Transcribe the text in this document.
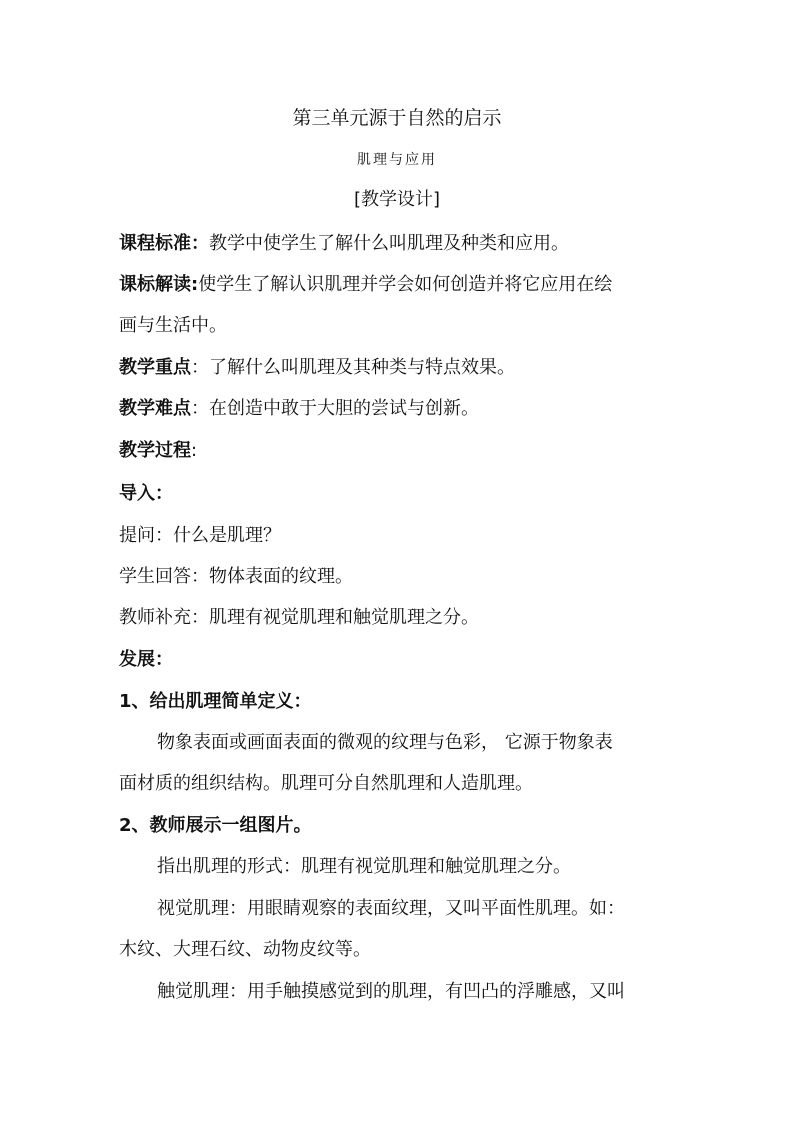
第三单元源于自然的启示
肌理与应用
[教学设计]
课程标准：教学中使学生了解什么叫肌理及种类和应用。
课标解读:使学生了解认识肌理并学会如何创造并将它应用在绘
画与生活中。
教学重点：了解什么叫肌理及其种类与特点效果。
教学难点：在创造中敢于大胆的尝试与创新。
教学过程:
导入：
提问：什么是肌理？
学生回答：物体表面的纹理。
教师补充：肌理有视觉肌理和触觉肌理之分。
发展：
1、给出肌理简单定义：
物象表面或画面表面的微观的纹理与色彩， 它源于物象表
面材质的组织结构。肌理可分自然肌理和人造肌理。
2、教师展示一组图片。
指出肌理的形式：肌理有视觉肌理和触觉肌理之分。
视觉肌理：用眼睛观察的表面纹理，又叫平面性肌理。如：
木纹、大理石纹、动物皮纹等。
触觉肌理：用手触摸感觉到的肌理，有凹凸的浮雕感，又叫
